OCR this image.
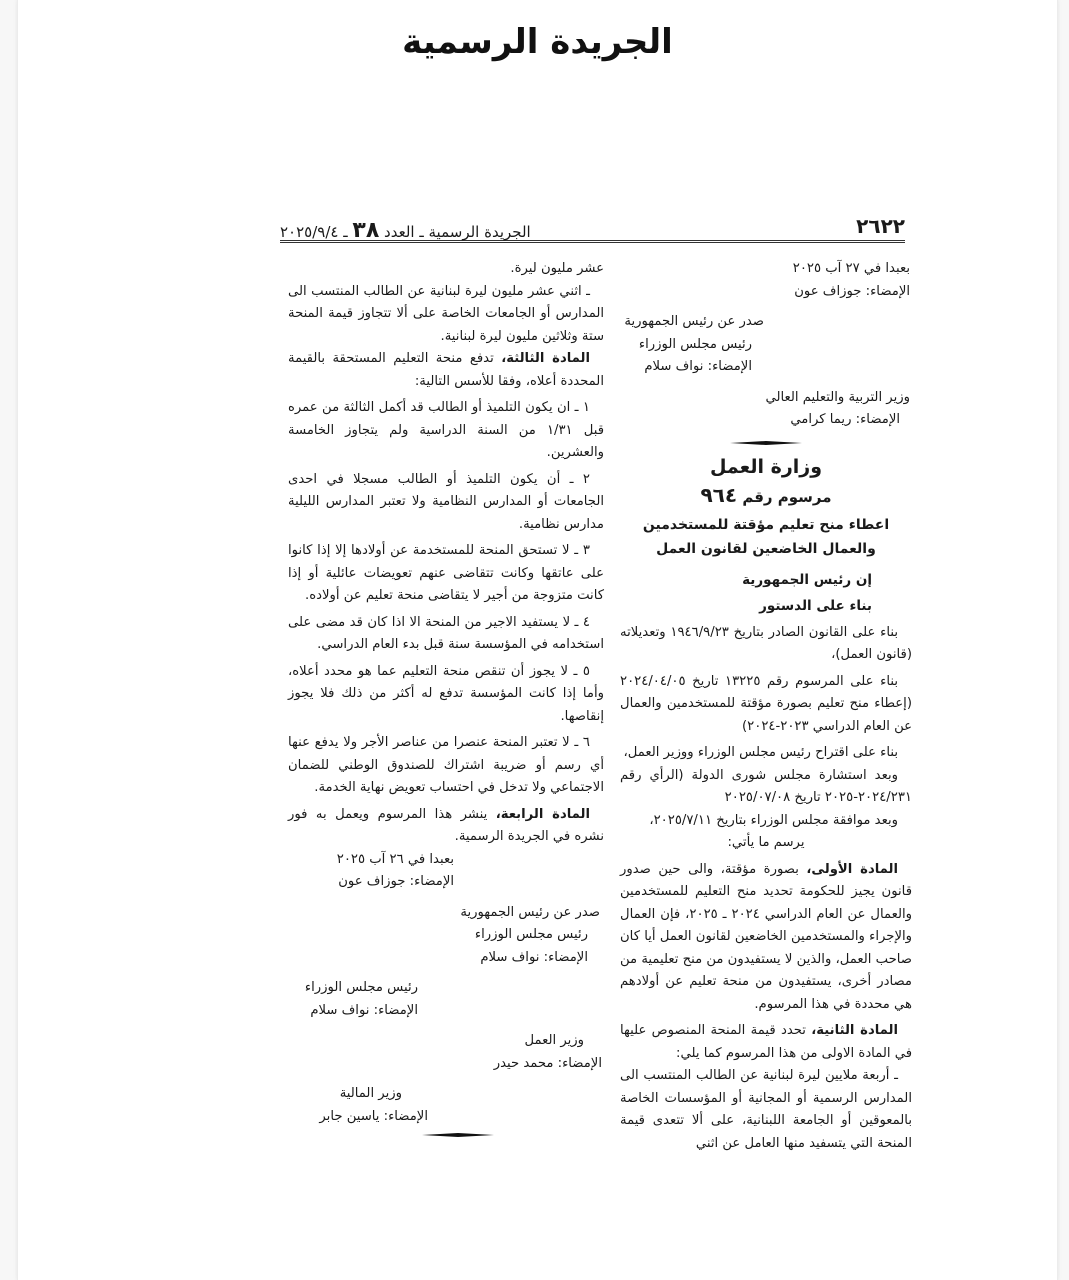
الجريدة الرسمية
٢٦٢٢
الجريدة الرسمية ـ العدد ٣٨ ـ ٢٠٢٥/٩/٤
بعبدا في ٢٧ آب ٢٠٢٥
الإمضاء: جوزاف عون
صدر عن رئيس الجمهورية
رئيس مجلس الوزراء
الإمضاء: نواف سلام
وزير التربية والتعليم العالي
الإمضاء: ريما كرامي
وزارة العمل
مرسوم رقم ٩٦٤
اعطاء منح تعليم مؤقتة للمستخدمين والعمال الخاضعين لقانون العمل

إن رئيس الجمهورية

بناء على الدستور

بناء على القانون الصادر بتاريخ ١٩٤٦/٩/٢٣ وتعديلاته (قانون العمل)،

بناء على المرسوم رقم ١٣٢٢٥ تاريخ ٢٠٢٤/٠٤/٠٥ (إعطاء منح تعليم بصورة مؤقتة للمستخدمين والعمال عن العام الدراسي ٢٠٢٣-٢٠٢٤)

بناء على اقتراح رئيس مجلس الوزراء ووزير العمل،

وبعد استشارة مجلس شورى الدولة (الرأي رقم ٢٠٢٤/٢٣١-٢٠٢٥ تاريخ ٢٠٢٥/٠٧/٠٨

وبعد موافقة مجلس الوزراء بتاريخ ٢٠٢٥/٧/١١،

يرسم ما يأتي:

المادة الأولى، بصورة مؤقتة، والى حين صدور قانون يجيز للحكومة تحديد منح التعليم للمستخدمين والعمال عن العام الدراسي ٢٠٢٤ ـ ٢٠٢٥، فإن العمال والإجراء والمستخدمين الخاضعين لقانون العمل أيا كان صاحب العمل، والذين لا يستفيدون من منح تعليمية من مصادر أخرى، يستفيدون من منحة تعليم عن أولادهم هي محددة في هذا المرسوم.

المادة الثانية، تحدد قيمة المنحة المنصوص عليها في المادة الاولى من هذا المرسوم كما يلي:

ـ أربعة ملايين ليرة لبنانية عن الطالب المنتسب الى المدارس الرسمية أو المجانية أو المؤسسات الخاصة بالمعوقين أو الجامعة اللبنانية، على ألا تتعدى قيمة المنحة التي يتسفيد منها العامل عن اثني

عشر مليون ليرة.

ـ اثني عشر مليون ليرة لبنانية عن الطالب المنتسب الى المدارس أو الجامعات الخاصة على ألا تتجاوز قيمة المنحة ستة وثلاثين مليون ليرة لبنانية.

المادة الثالثة، تدفع منحة التعليم المستحقة بالقيمة المحددة أعلاه، وفقا للأسس التالية:

١ ـ ان يكون التلميذ أو الطالب قد أكمل الثالثة من عمره قبل ١/٣١ من السنة الدراسية ولم يتجاوز الخامسة والعشرين.

٢ ـ أن يكون التلميذ أو الطالب مسجلا في احدى الجامعات أو المدارس النظامية ولا تعتبر المدارس الليلية مدارس نظامية.

٣ ـ لا تستحق المنحة للمستخدمة عن أولادها إلا إذا كانوا على عاتقها وكانت تتقاضى عنهم تعويضات عائلية أو إذا كانت متزوجة من أجير لا يتقاضى منحة تعليم عن أولاده.

٤ ـ لا يستفيد الاجير من المنحة الا اذا كان قد مضى على استخدامه في المؤسسة سنة قبل بدء العام الدراسي.

٥ ـ لا يجوز أن تنقص منحة التعليم عما هو محدد أعلاه، وأما إذا كانت المؤسسة تدفع له أكثر من ذلك فلا يجوز إنقاصها.

٦ ـ لا تعتبر المنحة عنصرا من عناصر الأجر ولا يدفع عنها أي رسم أو ضريبة اشتراك للصندوق الوطني للضمان الاجتماعي ولا تدخل في احتساب تعويض نهاية الخدمة.

المادة الرابعة، ينشر هذا المرسوم ويعمل به فور نشره في الجريدة الرسمية.

بعبدا في ٢٦ آب ٢٠٢٥
الإمضاء: جوزاف عون
صدر عن رئيس الجمهورية
رئيس مجلس الوزراء
الإمضاء: نواف سلام
رئيس مجلس الوزراء
الإمضاء: نواف سلام
وزير العمل
الإمضاء: محمد حيدر
وزير المالية
الإمضاء: ياسين جابر
